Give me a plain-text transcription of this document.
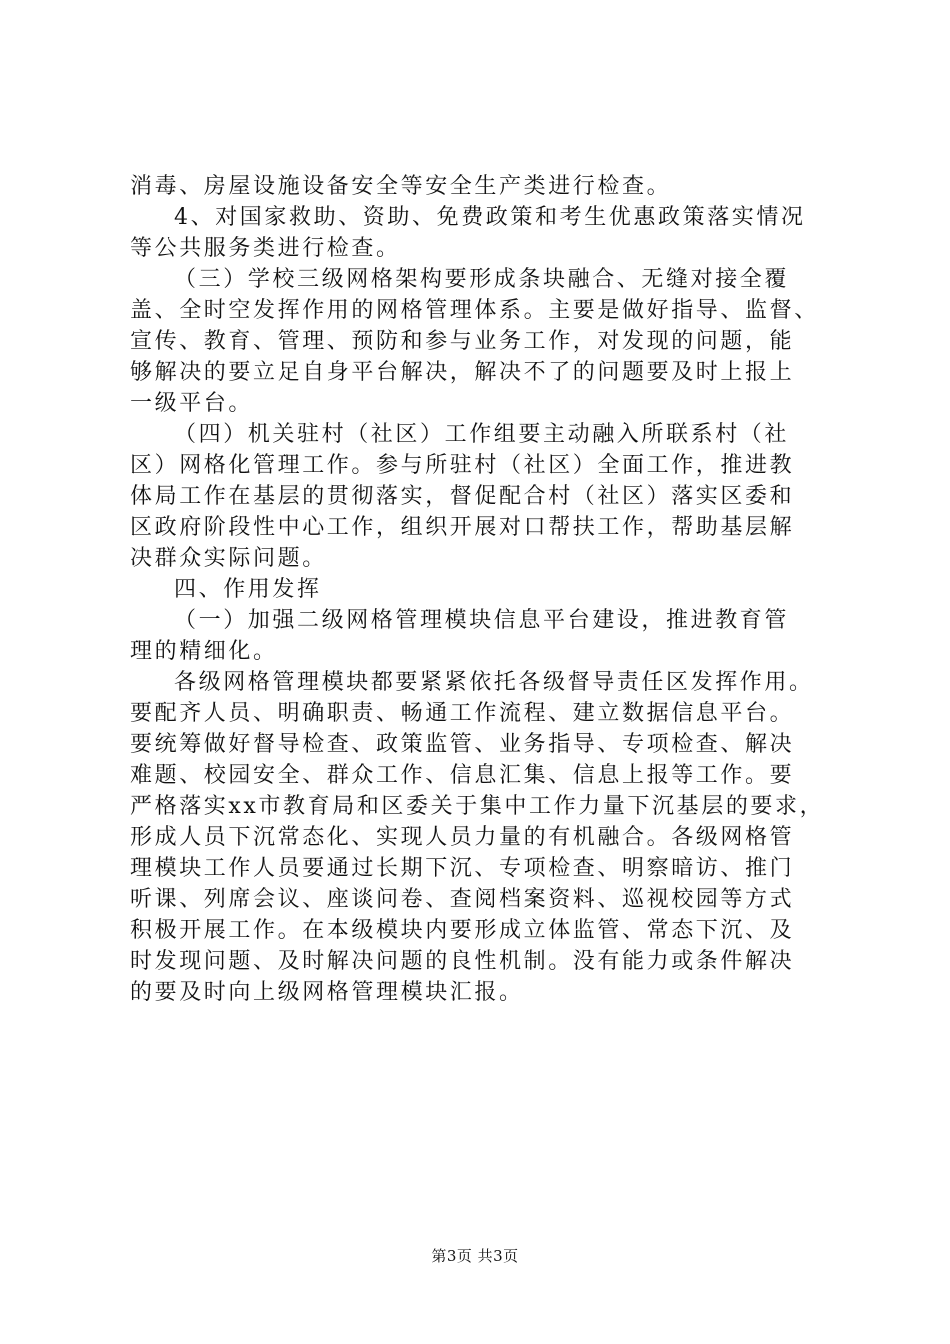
消毒、房屋设施设备安全等安全生产类进行检查。
4、对国家救助、资助、免费政策和考生优惠政策落实情况
等公共服务类进行检查。
（三）学校三级网格架构要形成条块融合、无缝对接全覆
盖、全时空发挥作用的网格管理体系。主要是做好指导、监督、
宣传、教育、管理、预防和参与业务工作，对发现的问题，能
够解决的要立足自身平台解决，解决不了的问题要及时上报上
一级平台。
（四）机关驻村（社区）工作组要主动融入所联系村（社
区）网格化管理工作。参与所驻村（社区）全面工作，推进教
体局工作在基层的贯彻落实，督促配合村（社区）落实区委和
区政府阶段性中心工作，组织开展对口帮扶工作，帮助基层解
决群众实际问题。
四、作用发挥
（一）加强二级网格管理模块信息平台建设，推进教育管
理的精细化。
各级网格管理模块都要紧紧依托各级督导责任区发挥作用。
要配齐人员、明确职责、畅通工作流程、建立数据信息平台。
要统筹做好督导检查、政策监管、业务指导、专项检查、解决
难题、校园安全、群众工作、信息汇集、信息上报等工作。要
严格落实xx市教育局和区委关于集中工作力量下沉基层的要求，
形成人员下沉常态化、实现人员力量的有机融合。各级网格管
理模块工作人员要通过长期下沉、专项检查、明察暗访、推门
听课、列席会议、座谈问卷、查阅档案资料、巡视校园等方式
积极开展工作。在本级模块内要形成立体监管、常态下沉、及
时发现问题、及时解决问题的良性机制。没有能力或条件解决
的要及时向上级网格管理模块汇报。
第3页 共3页
